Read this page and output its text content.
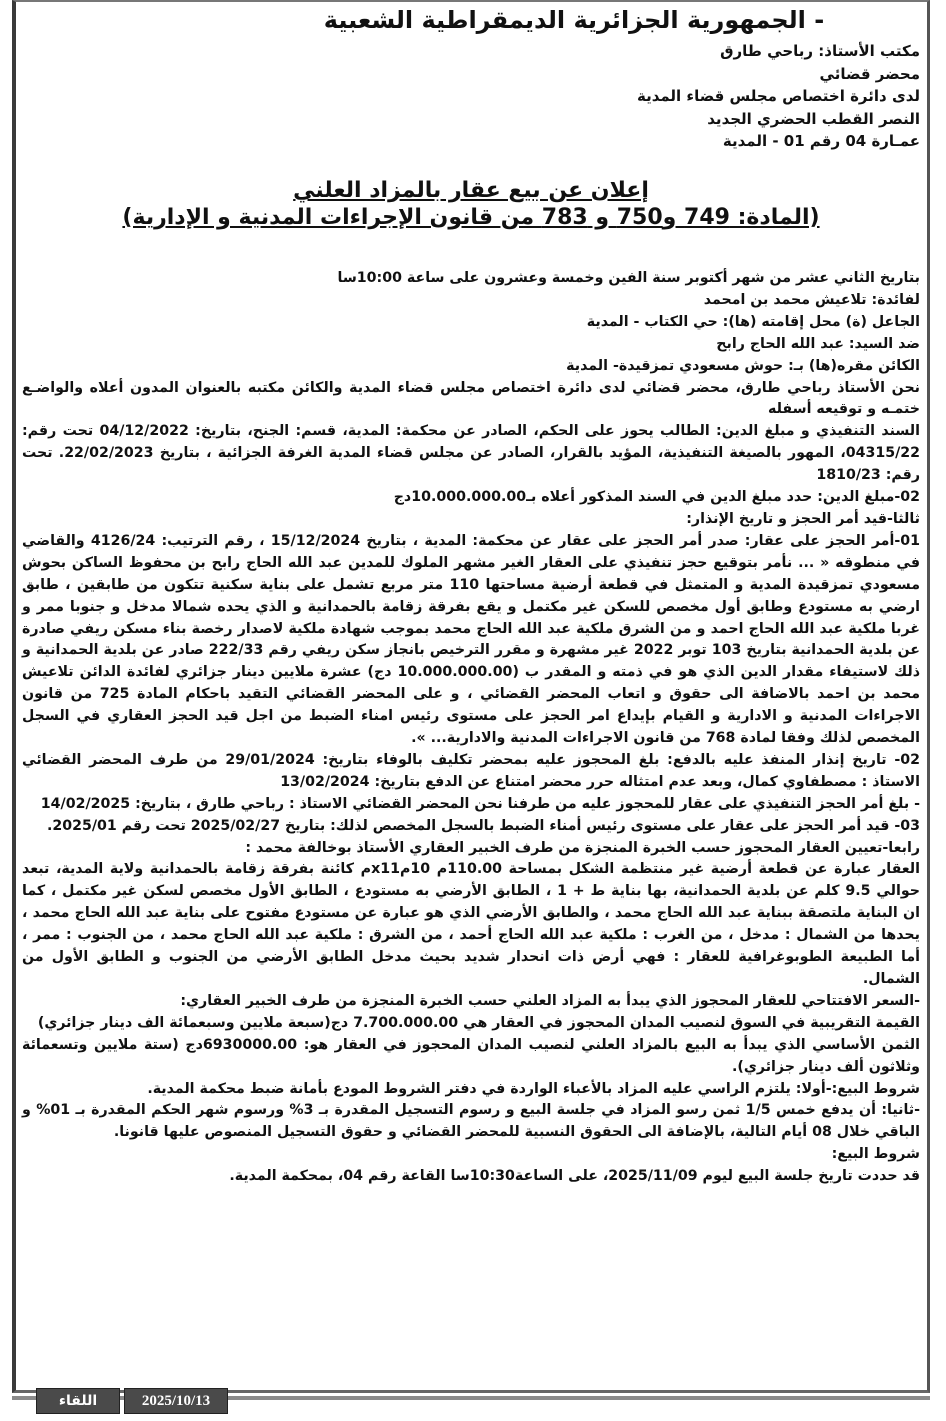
- الجمهورية الجزائرية الديمقراطية الشعبية
مكتب الأستاذ: رباحي طارق
محضر قضائي
لدى دائرة اختصاص مجلس قضاء المدية
النصر القطب الحضري الجديد
عمـارة 04 رقم 01 - المدية
إعلان عن بيع عقار بالمزاد العلني
(المادة: 749 و750 و 783 من قانون الإجراءات المدنية و الإدارية)

بتاريخ الثاني عشر من شهر أكتوبر سنة الفين وخمسة وعشرون على ساعة 10:00سا

لفائدة: تلاعيش محمد بن امحمد

الجاعل (ة) محل إقامته (ها): حي الكتاب - المدية

ضد السيد: عبد الله الحاج رابح

الكائن مقره(ها) بـ: حوش مسعودي تمزقيدة- المدية

نحن الأستاذ رباحي طارق، محضر قضائي لدى دائرة اختصاص مجلس قضاء المدية والكائن مكتبه بالعنوان المدون أعلاه والواضـع ختمـه و توقيعه أسفله

السند التنفيذي و مبلغ الدين: الطالب يحوز على الحكم، الصادر عن محكمة: المدية، قسم: الجنح، بتاريخ: 04/12/2022 تحت رقم: 04315/22، المهور بالصيغة التنفيذية، المؤيد بالقرار، الصادر عن مجلس قضاء المدية الغرفة الجزائية ، بتاريخ 22/02/2023. تحت رقم: 1810/23

02-مبلغ الدين: حدد مبلغ الدين في السند المذكور أعلاه بـ10.000.000.00دج

ثالثا-قيد أمر الحجز و تاريخ الإنذار:

01-أمر الحجز على عقار: صدر أمر الحجز على عقار عن محكمة: المدية ، بتاريخ 15/12/2024 ، رقم الترتيب: 4126/24 والقاضي في منطوقه « ... نأمر بتوقيع حجز تنفيذي على العقار الغير مشهر الملوك للمدين عبد الله الحاج رابح بن محفوظ الساكن بحوش مسعودي تمزقيدة المدية و المتمثل في قطعة أرضية مساحتها 110 متر مربع تشمل على بناية سكنية تتكون من طابقين ، طابق ارضي به مستودع وطابق أول مخصص للسكن غير مكتمل و يقع بفرقة زقامة بالحمدانية و الذي يحده شمالا مدخل و جنوبا ممر و غربا ملكية عبد الله الحاج احمد و من الشرق ملكية عبد الله الحاج محمد بموجب شهادة ملكية لاصدار رخصة بناء مسكن ريفي صادرة عن بلدية الحمدانية بتاريخ 103 توبر 2022 غير مشهرة و مقرر الترخيص بانجاز سكن ريفي رقم 222/33 صادر عن بلدية الحمدانية و ذلك لاستيفاء مقدار الدين الذي هو في ذمته و المقدر ب (10.000.000.00 دج) عشرة ملايين دينار جزائري لفائدة الدائن تلاعيش محمد بن احمد بالاضافة الى حقوق و اتعاب المحضر القضائي ، و على المحضر القضائي التقيد باحكام المادة 725 من قانون الاجراءات المدنية و الادارية و القيام بإيداع امر الحجز على مستوى رئيس امناء الضبط من اجل قيد الحجز العقاري في السجل المخصص لذلك وفقا لمادة 768 من قانون الاجراءات المدنية والادارية... ».

02- تاريخ إنذار المنفذ عليه بالدفع: بلغ المحجوز عليه بمحضر تكليف بالوفاء بتاريخ: 29/01/2024 من طرف المحضر القضائي الاستاذ : مصطفاوي كمال، وبعد عدم امتثاله حرر محضر امتناع عن الدفع بتاريخ: 13/02/2024

- بلغ أمر الحجز التنفيذي على عقار للمحجوز عليه من طرفنا نحن المحضر القضائي الاستاذ : رباحي طارق ، بتاريخ: 14/02/2025

03- قيد أمر الحجز على عقار على مستوى رئيس أمناء الضبط بالسجل المخصص لذلك: بتاريخ 2025/02/27 تحت رقم 2025/01.

رابعا-تعيين العقار المحجوز حسب الخبرة المنجزة من طرف الخبير العقاري الأستاذ بوخالفة محمد :

العقار عبارة عن قطعة أرضية غير منتظمة الشكل بمساحة 110.00م 10مx11م كائنة بفرقة زقامة بالحمدانية ولاية المدية، تبعد حوالي 9.5 كلم عن بلدية الحمدانية، بها بناية ط + 1 ، الطابق الأرضي به مستودع ، الطابق الأول مخصص لسكن غير مكتمل ، كما ان البناية ملتصقة ببناية عبد الله الحاج محمد ، والطابق الأرضي الذي هو عبارة عن مستودع مفتوح على بناية عبد الله الحاج محمد ، يحدها من الشمال : مدخل ، من الغرب : ملكية عبد الله الحاج أحمد ، من الشرق : ملكية عبد الله الحاج محمد ، من الجنوب : ممر ، أما الطبيعة الطوبوغرافية للعقار : فهي أرض ذات انحدار شديد بحيث مدخل الطابق الأرضي من الجنوب و الطابق الأول من الشمال.

-السعر الافتتاحي للعقار المحجوز الذي يبدأ به المزاد العلني حسب الخبرة المنجزة من طرف الخبير العقاري:

القيمة التقريبية في السوق لنصيب المدان المحجوز في العقار هي 7.700.000.00 دج(سبعة ملايين وسبعمائة الف دينار جزائري)

الثمن الأساسي الذي يبدأ به البيع بالمزاد العلني لنصيب المدان المحجوز في العقار هو: 6930000.00دج (ستة ملايين وتسعمائة وثلاثون ألف دينار جزائري).

شروط البيع:-أولا: يلتزم الراسي عليه المزاد بالأعباء الواردة في دفتر الشروط المودع بأمانة ضبط محكمة المدية.

-ثانيا: أن يدفع خمس 1/5 ثمن رسو المزاد في جلسة البيع و رسوم التسجيل المقدرة بـ 3% ورسوم شهر الحكم المقدرة بـ 01% و الباقي خلال 08 أيام التالية، بالإضافة الى الحقوق النسبية للمحضر القضائي و حقوق التسجيل المنصوص عليها قانونا.

شروط البيع:

قد حددت تاريخ جلسة البيع ليوم 2025/11/09، على الساعة10:30سا القاعة رقم 04، بمحكمة المدية.

اللقاء	2025/10/13
